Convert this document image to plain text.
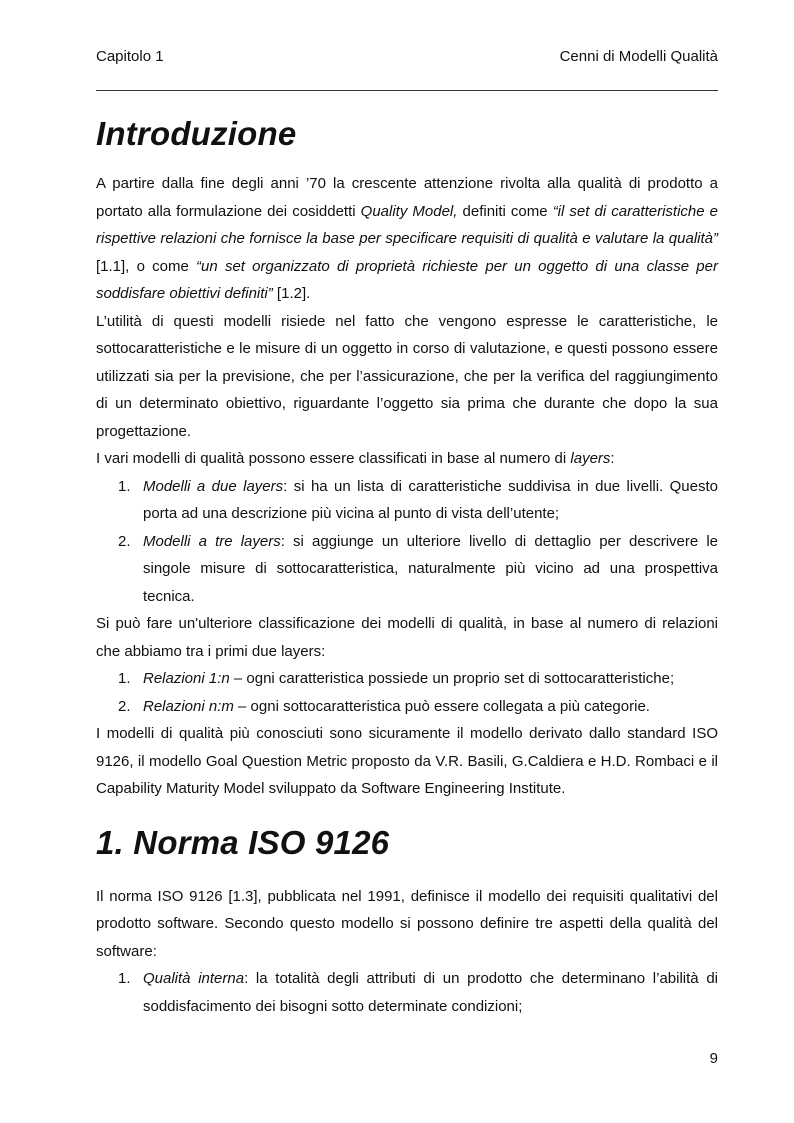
Capitolo 1	Cenni di Modelli Qualità
Introduzione

A partire dalla fine degli anni ’70 la crescente attenzione rivolta alla qualità di prodotto a portato alla formulazione dei cosiddetti Quality Model, definiti come “il set di caratteristiche e rispettive relazioni che fornisce la base per specificare requisiti di qualità e valutare la qualità” [1.1], o come “un set organizzato di proprietà richieste per un oggetto di una classe per soddisfare obiettivi definiti” [1.2].

L’utilità di questi modelli risiede nel fatto che vengono espresse le caratteristiche, le sottocaratteristiche e le misure di un oggetto in corso di valutazione, e questi possono essere utilizzati sia per la previsione, che per l’assicurazione, che per la verifica del raggiungimento di un determinato obiettivo, riguardante l’oggetto sia prima che durante che dopo la sua progettazione.

I vari modelli di qualità possono essere classificati in base al numero di layers:

1. Modelli a due layers: si ha un lista di caratteristiche suddivisa in due livelli. Questo porta ad una descrizione più vicina al punto di vista dell’utente;
2. Modelli a tre layers: si aggiunge un ulteriore livello di dettaglio per descrivere le singole misure di sottocaratteristica, naturalmente più vicino ad una prospettiva tecnica.

Si può fare un'ulteriore classificazione dei modelli di qualità, in base al numero di relazioni che abbiamo tra i primi due layers:

1. Relazioni 1:n – ogni caratteristica possiede un proprio set di sottocaratteristiche;
2. Relazioni n:m – ogni sottocaratteristica può essere collegata a più categorie.

I modelli di qualità più conosciuti sono sicuramente il modello derivato dallo standard ISO 9126, il modello Goal Question Metric proposto da V.R. Basili, G.Caldiera e H.D. Rombaci e il Capability Maturity Model sviluppato da Software Engineering Institute.

1. Norma ISO 9126

Il norma ISO 9126 [1.3], pubblicata nel 1991, definisce il modello dei requisiti qualitativi del prodotto software. Secondo questo modello si possono definire tre aspetti della qualità del software:

1. Qualità interna: la totalità degli attributi di un prodotto che determinano l’abilità di soddisfacimento dei bisogni sotto determinate condizioni;
9
